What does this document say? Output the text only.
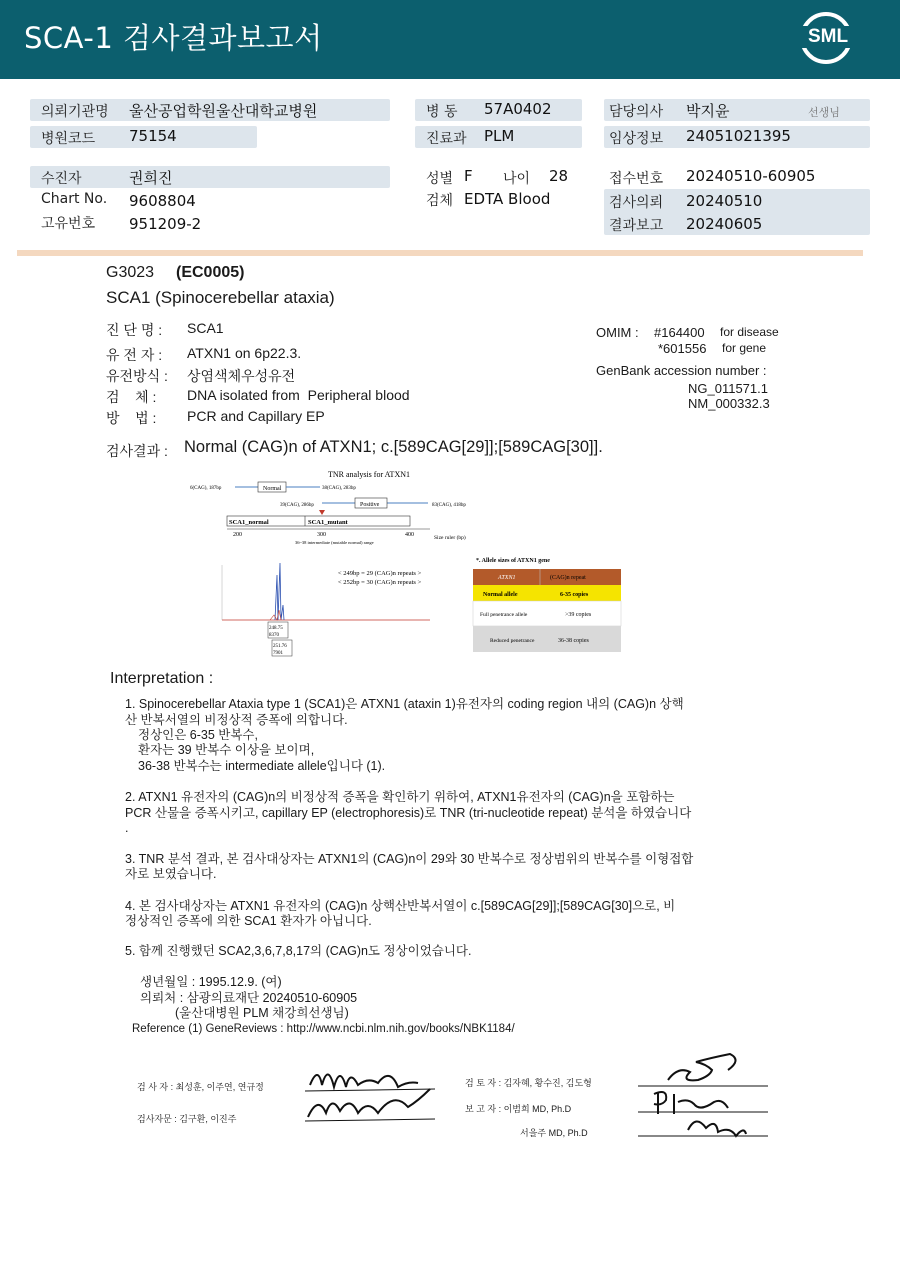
SCA-1 검사결과보고서	SML
의뢰기관명 울산공업학원울산대학교병원	병 동 57A0402	담당의사 박지윤	선생님
병원코드 75154	진료과 PLM	임상정보 24051021395
수진자	권희진	성별 F 나이 28	접수번호 20240510-60905
Chart No. 9608804	검체 EDTA Blood	검사의뢰 20240510
고유번호 951209-2	결과보고 20240605
G3023 (EC0005)
SCA1 (Spinocerebellar ataxia)
진 단 명 : SCA1
유 전 자 : ATXN1 on 6p22.3.
유전방식 : 상염색체우성유전
검    체 : DNA isolated from  Peripheral blood
방    법 : PCR and Capillary EP
OMIM : #164400 for disease
*601556 for gene
GenBank accession number :
NG_011571.1
NM_000332.3
검사결과 : Normal (CAG)n of ATXN1; c.[589CAG[29]];[589CAG[30]].
TNR analysis for ATXN1
Normal
6(CAG), 187bp	38(CAG), 283bp
39(CAG), 286bp	Positive	83(CAG), 418bp
SCA1_normal	SCA1_mutant
200	300	400	Size ruler (bp)
36~38 intermediate (mutable normal) range
< 249bp = 29 (CAG)n repeats >
< 252bp = 30 (CAG)n repeats >
248.75
8370
251.76
7901
*. Allele sizes of ATXN1 gene
ATXN1	(CAG)n repeat
Normal allele	6-35 copies
Full penetrance allele	>39 copies
Reduced penetrance	36-38 copies
Interpretation :
1. Spinocerebellar Ataxia type 1 (SCA1)은 ATXN1 (ataxin 1)유전자의 coding region 내의 (CAG)n 상핵
산 반복서열의 비정상적 증폭에 의합니다.
정상인은 6-35 반복수,
환자는 39 반복수 이상을 보이며,
36-38 반복수는 intermediate allele입니다 (1).
2. ATXN1 유전자의 (CAG)n의 비정상적 증폭을 확인하기 위하여, ATXN1유전자의 (CAG)n을 포함하는
PCR 산물을 증폭시키고, capillary EP (electrophoresis)로 TNR (tri-nucleotide repeat) 분석을 하였습니다
.
3. TNR 분석 결과, 본 검사대상자는 ATXN1의 (CAG)n이 29와 30 반복수로 정상범위의 반복수를 이형접합
자로 보였습니다.
4. 본 검사대상자는 ATXN1 유전자의 (CAG)n 상핵산반복서열이 c.[589CAG[29]];[589CAG[30]으로, 비
정상적인 증폭에 의한 SCA1 환자가 아닙니다.
5. 함께 진행했던 SCA2,3,6,7,8,17의 (CAG)n도 정상이었습니다.
생년월일 : 1995.12.9. (여)
의뢰처 : 삼광의료재단 20240510-60905
(울산대병원 PLM 채강희선생님)
Reference (1) GeneReviews : http://www.ncbi.nlm.nih.gov/books/NBK1184/
검 사 자 : 최성훈, 이주연, 연규정
검사자문 : 김구환, 이진주
검 토 자 : 김자혜, 황수진, 김도형
보 고 자 : 이범희 MD, Ph.D
서을주 MD, Ph.D
